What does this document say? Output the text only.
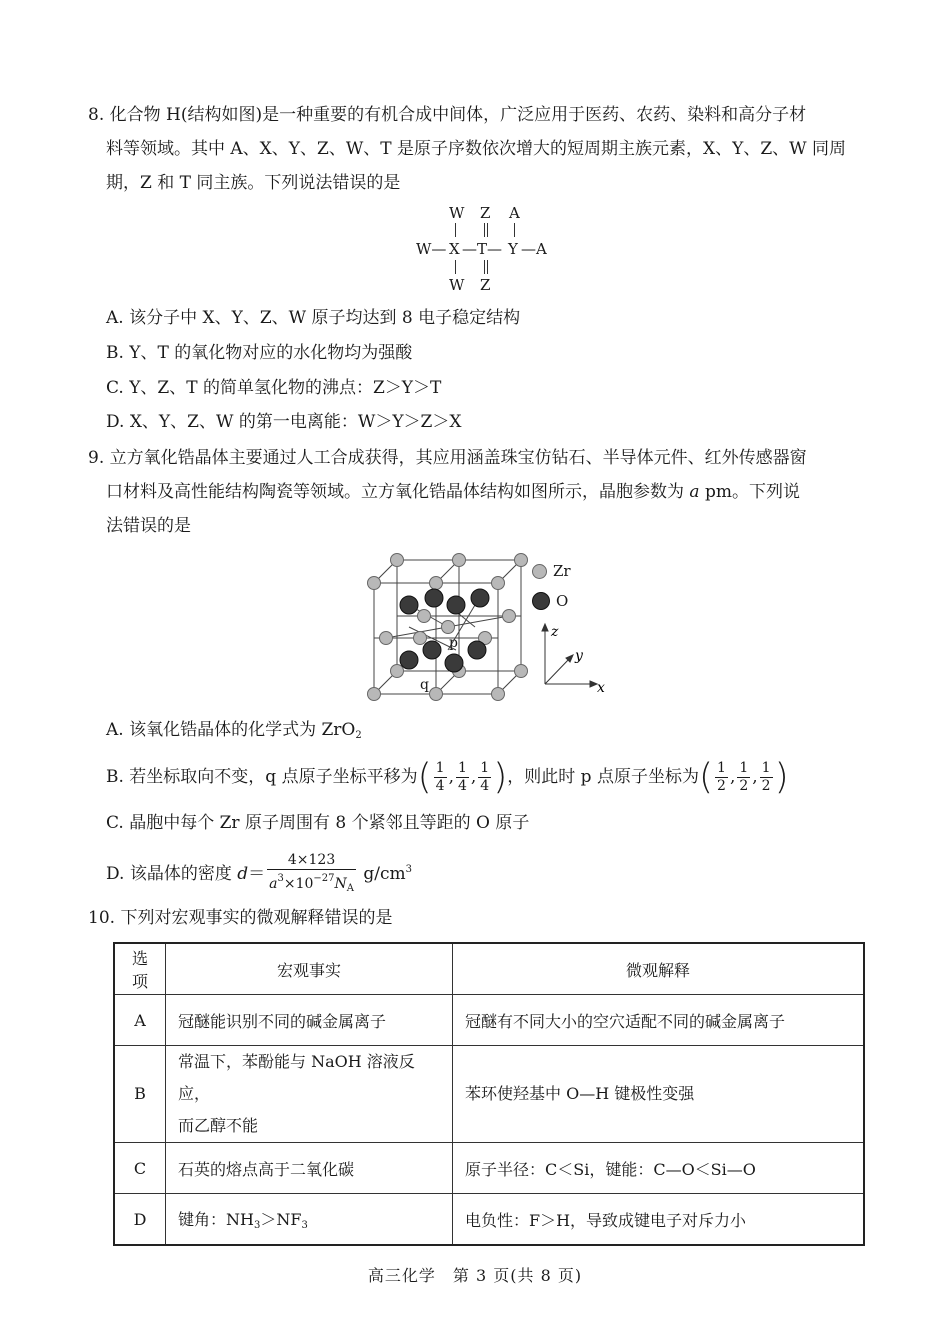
8. 化合物 H(结构如图)是一种重要的有机合成中间体，广泛应用于医药、农药、染料和高分子材
料等领域。其中 A、X、Y、Z、W、T 是原子序数依次增大的短周期主族元素，X、Y、Z、W 同周
期，Z 和 T 同主族。下列说法错误的是
W Z A
W— X —T— Y —A
W Z
A. 该分子中 X、Y、Z、W 原子均达到 8 电子稳定结构
B. Y、T 的氧化物对应的水化物均为强酸
C. Y、Z、T 的简单氢化物的沸点：Z＞Y＞T
D. X、Y、Z、W 的第一电离能：W＞Y＞Z＞X
9. 立方氧化锆晶体主要通过人工合成获得，其应用涵盖珠宝仿钻石、半导体元件、红外传感器窗
口材料及高性能结构陶瓷等领域。立方氧化锆晶体结构如图所示，晶胞参数为 a pm。下列说
法错误的是
p
q
Zr
O
z
y
x
A. 该氧化锆晶体的化学式为 ZrO$_2$
B. 若坐标取向不变，q 点原子坐标平移为( $\frac{1}{4}$ , $\frac{1}{4}$ , $\frac{1}{4}$ )，则此时 p 点原子坐标为( $\frac{1}{2}$ , $\frac{1}{2}$ , $\frac{1}{2}$ )
C. 晶胞中每个 Zr 原子周围有 8 个紧邻且等距的 O 原子
D. 该晶体的密度 $d= \frac{4\times 123}{a^3\times 10^{-27}N_A} g/cm^3$
10. 下列对宏观事实的微观解释错误的是
选项	宏观事实	微观解释
A	冠醚能识别不同的碱金属离子	冠醚有不同大小的空穴适配不同的碱金属离子
B	常温下，苯酚能与 NaOH 溶液反应，
而乙醇不能	苯环使羟基中 O—H 键极性变强
C	石英的熔点高于二氧化碳	原子半径：C＜Si，键能：C—O＜Si—O
D	键角：$NH_3>NF_3$	电负性：F＞H，导致成键电子对斥力小
高三化学　第 3 页(共 8 页)
